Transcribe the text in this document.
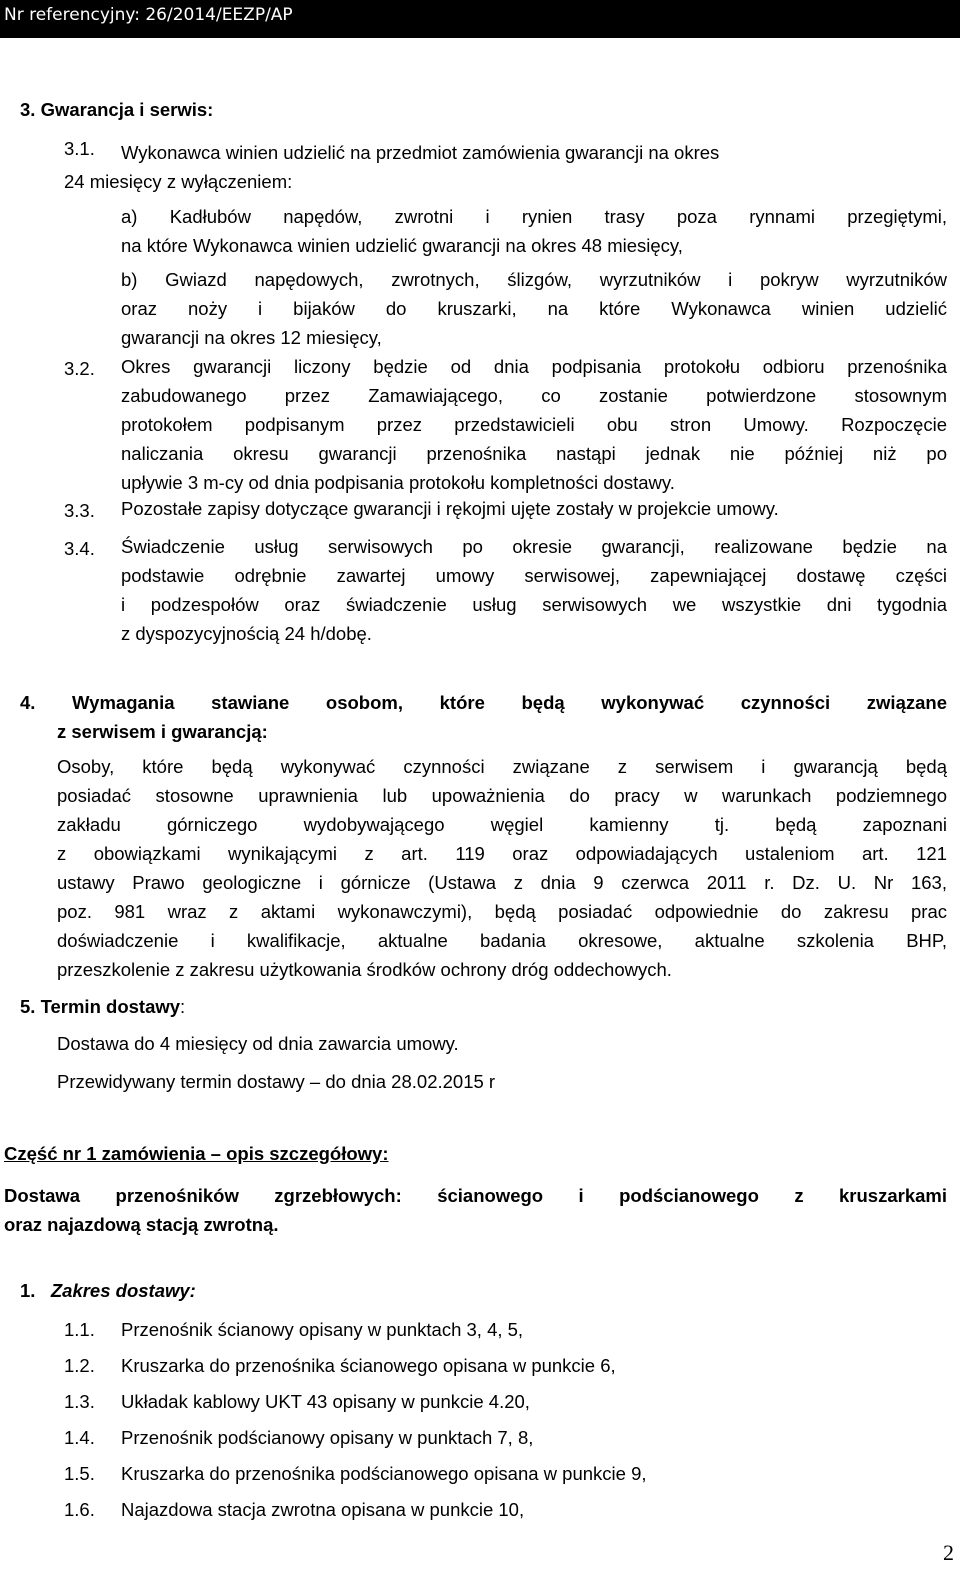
Nr referencyjny: 26/2014/EEZP/AP
3. Gwarancja i serwis:
3.1. Wykonawca winien udzielić na przedmiot zamówienia gwarancji na okres
24 miesięcy z wyłączeniem:
a) Kadłubów napędów, zwrotni i rynien trasy poza rynnami przegiętymi,
na które Wykonawca winien udzielić gwarancji na okres 48 miesięcy,
b) Gwiazd napędowych, zwrotnych, ślizgów, wyrzutników i pokryw wyrzutników
oraz noży i bijaków do kruszarki, na które Wykonawca winien udzielić
gwarancji na okres 12 miesięcy,
3.2. Okres gwarancji liczony będzie od dnia podpisania protokołu odbioru przenośnika
zabudowanego przez Zamawiającego, co zostanie potwierdzone stosownym
protokołem podpisanym przez przedstawicieli obu stron Umowy. Rozpoczęcie
naliczania okresu gwarancji przenośnika nastąpi jednak nie później niż po
upływie 3 m-cy od dnia podpisania protokołu kompletności dostawy.
3.3. Pozostałe zapisy dotyczące gwarancji i rękojmi ujęte zostały w projekcie umowy.
3.4. Świadczenie usług serwisowych po okresie gwarancji, realizowane będzie na
podstawie odrębnie zawartej umowy serwisowej, zapewniającej dostawę części
i podzespołów oraz świadczenie usług serwisowych we wszystkie dni tygodnia
z dyspozycyjnością 24 h/dobę.
4. Wymagania stawiane osobom, które będą wykonywać czynności związane
z serwisem i gwarancją:
Osoby, które będą wykonywać czynności związane z serwisem i gwarancją będą
posiadać stosowne uprawnienia lub upoważnienia do pracy w warunkach podziemnego
zakładu górniczego wydobywającego węgiel kamienny tj. będą zapoznani
z obowiązkami wynikającymi z art. 119 oraz odpowiadających ustaleniom art. 121
ustawy Prawo geologiczne i górnicze (Ustawa z dnia 9 czerwca 2011 r. Dz. U. Nr 163,
poz. 981 wraz z aktami wykonawczymi), będą posiadać odpowiednie do zakresu prac
doświadczenie i kwalifikacje, aktualne badania okresowe, aktualne szkolenia BHP,
przeszkolenie z zakresu użytkowania środków ochrony dróg oddechowych.
5. Termin dostawy:
Dostawa do 4 miesięcy od dnia zawarcia umowy.
Przewidywany termin dostawy – do dnia 28.02.2015 r
Część nr 1 zamówienia – opis szczegółowy:
Dostawa przenośników zgrzebłowych: ścianowego i podścianowego z kruszarkami
oraz najazdową stacją zwrotną.
1. Zakres dostawy:
1.1. Przenośnik ścianowy opisany w punktach 3, 4, 5,
1.2. Kruszarka do przenośnika ścianowego opisana w punkcie 6,
1.3. Układak kablowy UKT 43 opisany w punkcie 4.20,
1.4. Przenośnik podścianowy opisany w punktach 7, 8,
1.5. Kruszarka do przenośnika podścianowego opisana w punkcie 9,
1.6. Najazdowa stacja zwrotna opisana w punkcie 10,
2
